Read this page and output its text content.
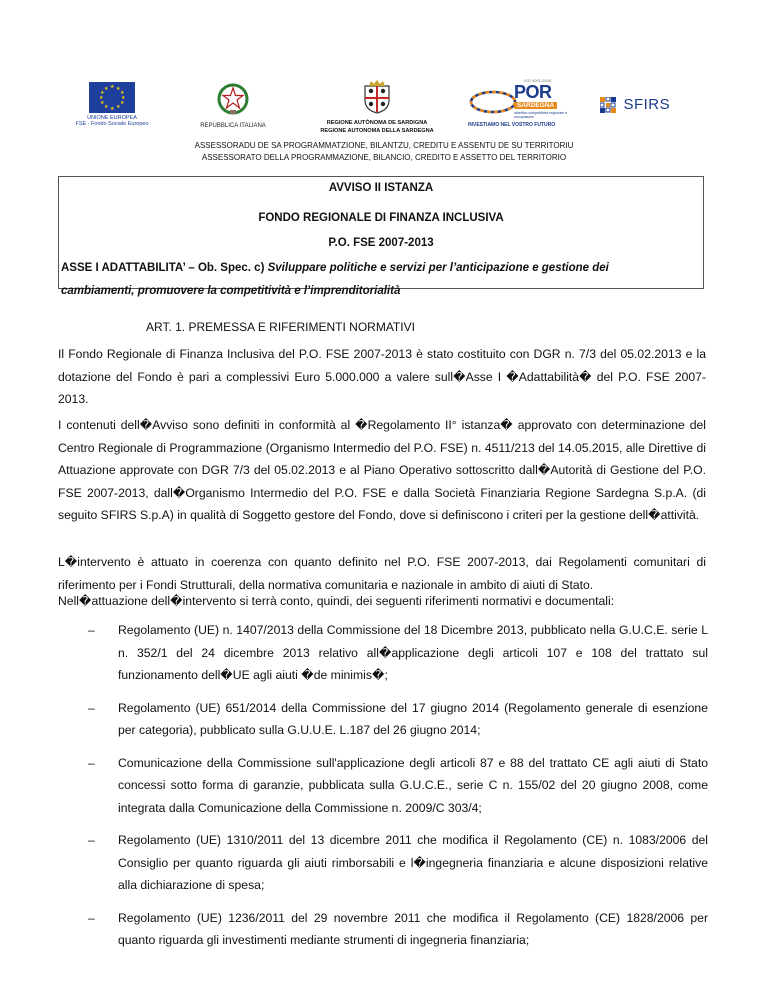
★ ★
★
★
★
★
★
★
★
★
★
★
UNIONE EUROPEA
FSE - Fondo Sociale Europeo	REPUBBLICA ITALIANA	REGIONE AUTÒNOMA DE SARDIGNA
REGIONE AUTONOMA DELLA SARDEGNA
ISO 9001:2008
POR
SARDEGNA
obiettivo competitività regionale e occupazione
INVESTIAMO NEL VOSTRO FUTURO
SFIRS
ASSESSORADU DE SA PROGRAMMATZIONE, BILANTZU, CREDITU E ASSENTU DE SU TERRITORIU
ASSESSORATO DELLA PROGRAMMAZIONE, BILANCIO, CREDITO E ASSETTO DEL TERRITORIO
AVVISO II ISTANZA
FONDO REGIONALE DI FINANZA INCLUSIVA
P.O. FSE 2007-2013
ASSE I ADATTABILITA’ – Ob. Spec. c) Sviluppare politiche e servizi per l’anticipazione e gestione dei
cambiamenti, promuovere la competitività e l’imprenditorialità
ART. 1. PREMESSA E RIFERIMENTI NORMATIVI

Il Fondo Regionale di Finanza Inclusiva del P.O. FSE 2007-2013 è stato costituito con DGR n. 7/3 del 05.02.2013 e la dotazione del Fondo è pari a complessivi Euro 5.000.000 a valere sull�Asse I �Adattabilità� del P.O. FSE 2007-2013.

I contenuti dell�Avviso sono definiti in conformità al �Regolamento II° istanza� approvato con determinazione del Centro Regionale di Programmazione (Organismo Intermedio del P.O. FSE) n. 4511/213 del 14.05.2015, alle Direttive di Attuazione approvate con DGR 7/3 del 05.02.2013 e al Piano Operativo sottoscritto dall�Autorità di Gestione del P.O. FSE 2007-2013, dall�Organismo Intermedio del P.O. FSE e dalla Società Finanziaria Regione Sardegna S.p.A. (di seguito SFIRS S.p.A) in qualità di Soggetto gestore del Fondo, dove si definiscono i criteri per la gestione dell�attività.

L�intervento è attuato in coerenza con quanto definito nel P.O. FSE 2007-2013, dai Regolamenti comunitari di riferimento per i Fondi Strutturali, della normativa comunitaria e nazionale in ambito di aiuti di Stato.

Nell�attuazione dell�intervento si terrà conto, quindi, dei seguenti riferimenti normativi e documentali:

– Regolamento (UE) n. 1407/2013 della Commissione del 18 Dicembre 2013, pubblicato nella G.U.C.E. serie L n. 352/1 del 24 dicembre 2013 relativo all�applicazione degli articoli 107 e 108 del trattato sul funzionamento dell�UE agli aiuti �de minimis�;
– Regolamento (UE) 651/2014 della Commissione del 17 giugno 2014 (Regolamento generale di esenzione per categoria), pubblicato sulla G.U.U.E. L.187 del 26 giugno 2014;
– Comunicazione della Commissione sull'applicazione degli articoli 87 e 88 del trattato CE agli aiuti di Stato concessi sotto forma di garanzie, pubblicata sulla G.U.C.E., serie C n. 155/02 del 20 giugno 2008, come integrata dalla Comunicazione della Commissione n. 2009/C 303/4;
– Regolamento (UE) 1310/2011 del 13 dicembre 2011 che modifica il Regolamento (CE) n. 1083/2006 del Consiglio per quanto riguarda gli aiuti rimborsabili e l�ingegneria finanziaria e alcune disposizioni relative alla dichiarazione di spesa;
– Regolamento (UE) 1236/2011 del 29 novembre 2011 che modifica il Regolamento (CE) 1828/2006 per quanto riguarda gli investimenti mediante strumenti di ingegneria finanziaria;
